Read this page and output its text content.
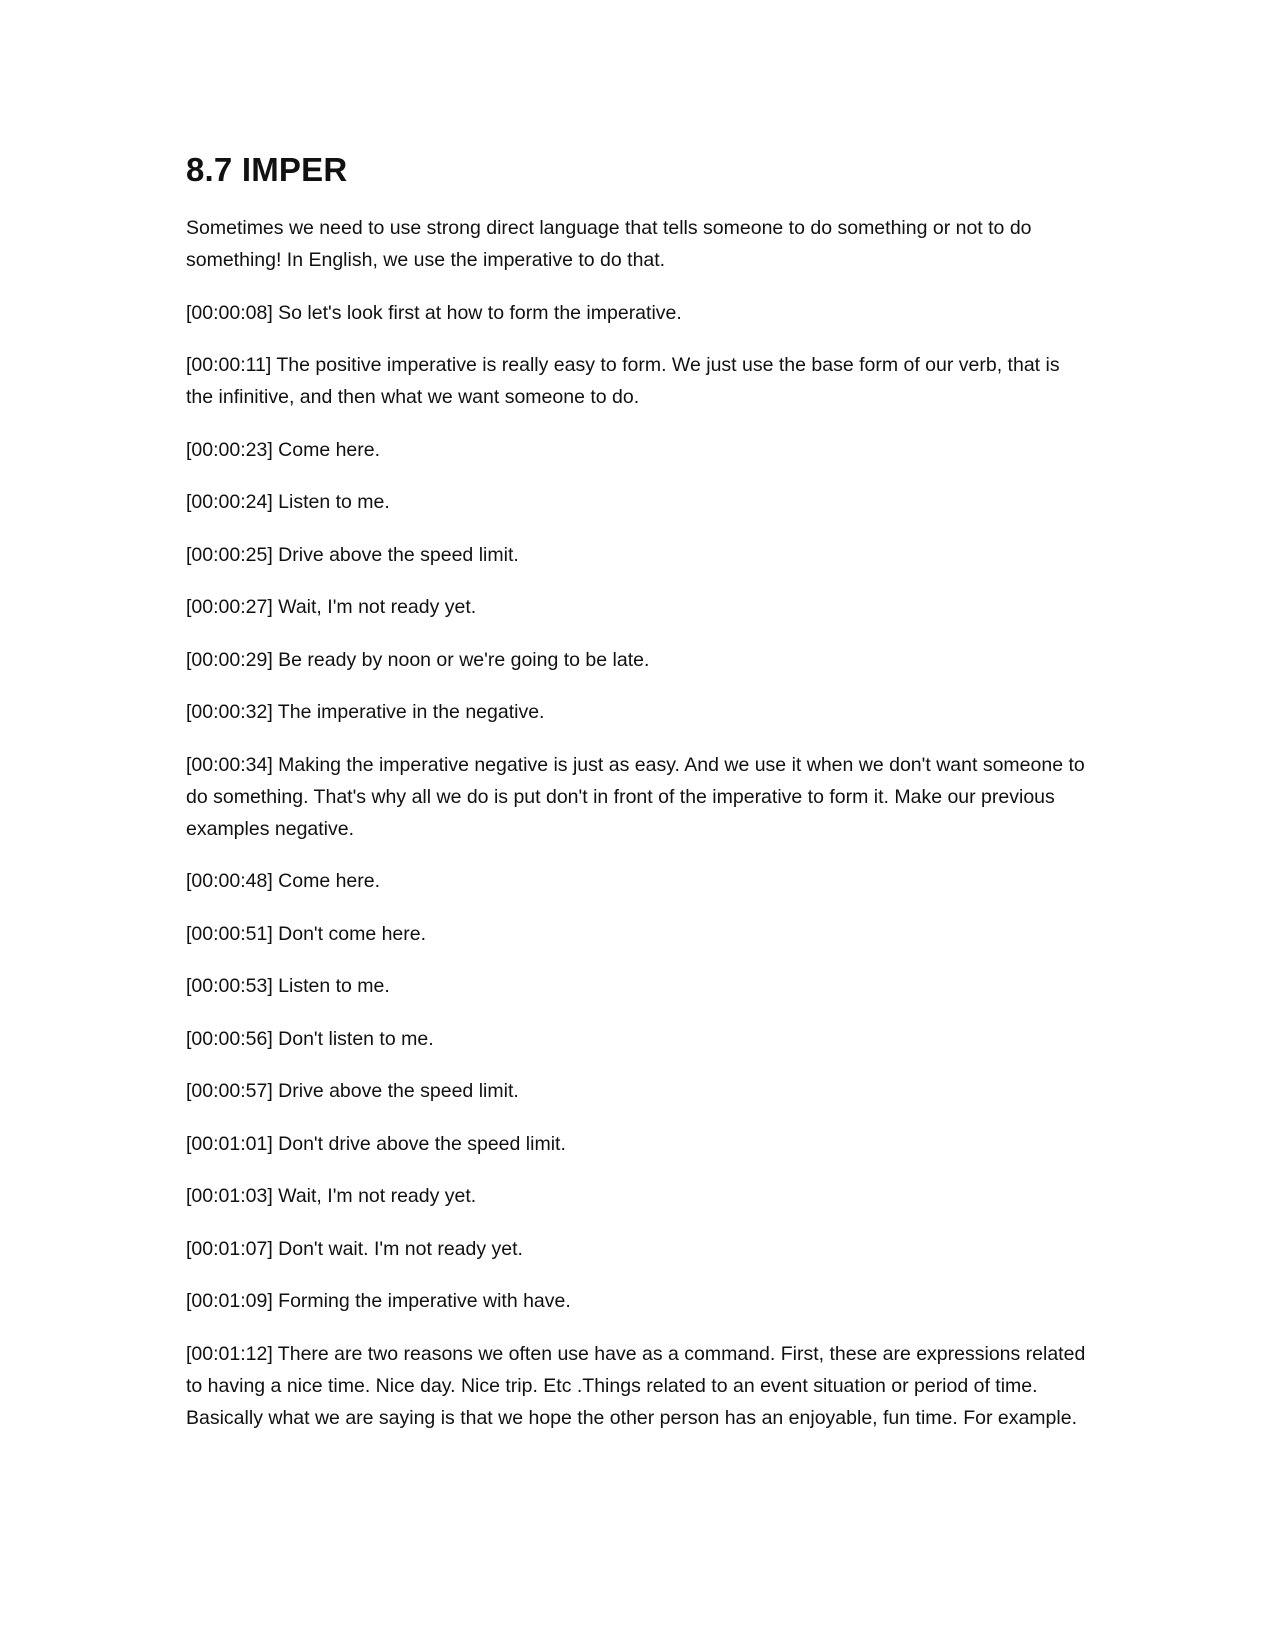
8.7 IMPER

Sometimes we need to use strong direct language that tells someone to do something or not to do something! In English, we use the imperative to do that.

[00:00:08] So let's look first at how to form the imperative.

[00:00:11] The positive imperative is really easy to form. We just use the base form of our verb, that is the infinitive, and then what we want someone to do.

[00:00:23] Come here.

[00:00:24] Listen to me.

[00:00:25] Drive above the speed limit.

[00:00:27] Wait, I'm not ready yet.

[00:00:29] Be ready by noon or we're going to be late.

[00:00:32] The imperative in the negative.

[00:00:34] Making the imperative negative is just as easy. And we use it when we don't want someone to do something. That's why all we do is put don't in front of the imperative to form it. Make our previous examples negative.

[00:00:48] Come here.

[00:00:51] Don't come here.

[00:00:53] Listen to me.

[00:00:56] Don't listen to me.

[00:00:57] Drive above the speed limit.

[00:01:01] Don't drive above the speed limit.

[00:01:03] Wait, I'm not ready yet.

[00:01:07] Don't wait. I'm not ready yet.

[00:01:09] Forming the imperative with have.

[00:01:12] There are two reasons we often use have as a command. First, these are expressions related to having a nice time. Nice day. Nice trip. Etc .Things related to an event situation or period of time. Basically what we are saying is that we hope the other person has an enjoyable, fun time. For example.
